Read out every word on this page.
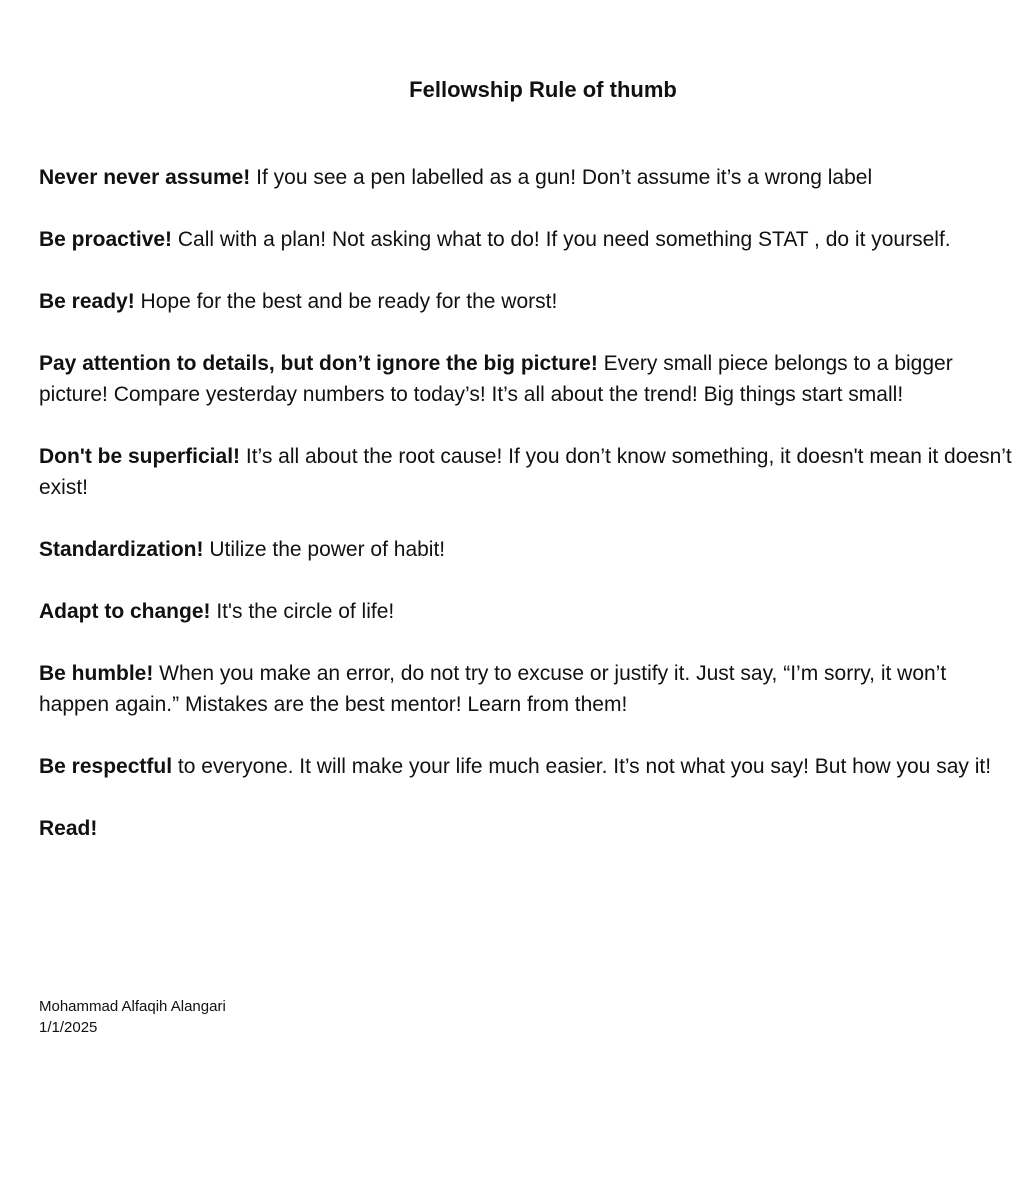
Fellowship Rule of thumb

Never never assume! If you see a pen labelled as a gun! Don’t assume it’s a wrong label

Be proactive! Call with a plan! Not asking what to do! If you need something STAT , do it yourself.

Be ready! Hope for the best and be ready for the worst!

Pay attention to details, but don’t ignore the big picture! Every small piece belongs to a bigger picture! Compare yesterday numbers to today’s! It’s all about the trend! Big things start small!

Don't be superficial! It’s all about the root cause! If you don’t know something, it doesn't mean it doesn’t exist!

Standardization! Utilize the power of habit!

Adapt to change! It's the circle of life!

Be humble! When you make an error, do not try to excuse or justify it. Just say, “I’m sorry, it won’t happen again.” Mistakes are the best mentor! Learn from them!

Be respectful to everyone. It will make your life much easier. It’s not what you say! But how you say it!

Read!

Mohammad Alfaqih Alangari
1/1/2025
